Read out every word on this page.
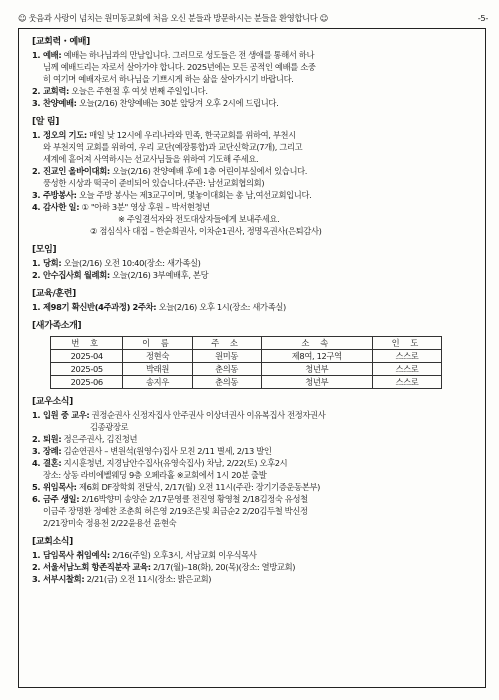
☺ 웃음과 사랑이 넘치는 원미동교회에 처음 오신 분들과 방문하시는 분들을 환영합니다 ☺	-5-
[교회력・예배]
1. 예배: 예배는 하나님과의 만남입니다. 그러므로 성도들은 전 생애를 통해서 하나
님께 예배드리는 자로서 살아가야 합니다. 2025년에는 모든 공적인 예배를 소중
히 여기며 예배자로서 하나님을 기쁘시게 하는 삶을 살아가시기 바랍니다.
2. 교회력: 오늘은 주현절 후 여섯 번째 주일입니다.
3. 찬양예배: 오늘(2/16) 찬양예배는 30분 앞당겨 오후 2시에 드립니다.
[알 림]
1. 정오의 기도: 매일 낮 12시에 우리나라와 민족, 한국교회를 위하여, 부천시
와 부천지역 교회를 위하여, 우리 교단(예장통합)과 교단신학교(7개), 그리고
세계에 흩어져 사역하시는 선교사님들을 위하여 기도해 주세요.
2. 진교인 올바이대회: 오늘(2/16) 찬양예배 후에 1층 어린이부실에서 있습니다.
풍성한 시상과 떡국이 준비되어 있습니다.(주관: 남선교회협의회)
3. 주방봉사: 오늘 주방 봉사는 제3교구이며, 몇놓이대회는 총 남,여선교회입니다.
4. 감사한 일: ① "아하 3분" 영상 후원 – 박서현청년
※ 주일결석자와 전도대상자들에게 보내주세요.
② 점심식사 대접 – 한순희권사, 이차순1권사, 정명옥권사(은퇴감사)
[모임]
1. 당회: 오늘(2/16) 오전 10:40(장소: 새가족실)
2. 안수집사회 월례회: 오늘(2/16) 3부예배후, 본당
[교육/훈련]
1. 제98기 확신반(4주과정) 2주차: 오늘(2/16) 오후 1시(장소: 새가족실)
[새가족소개]
번 호	이 름	주 소	소 속	인 도
2025-04	정현숙	원미동	제8여, 12구역	스스로
2025-05	박래원	춘의동	청년부	스스로
2025-06	송지우	춘의동	청년부	스스로
[교우소식]
1. 입원 중 교우: 권정순권사 신정자집사 안주권사 이상녀권사 이유복집사 전정자권사
김종광장로
2. 퇴원: 정은주권사, 김진청년
3. 장례: 김순연권사 – 변원석(원영수)집사 모친 2/11 별세, 2/13 발인
4. 결혼: 지시훈청년, 지경남안수집사(유영숙집사) 차남, 2/22(토) 오후2시
장소: 상동 라비에벨웨딩 9층 오페라홀 ※교회에서 1시 20분 출발
5. 위임목사: 제6회 DF장학회 전달식, 2/17(월) 오전 11시(주관: 장기기증운동본부)
6. 금주 생일: 2/16박향미 송양순 2/17문영클 전진영 황영철 2/18김정숙 유성철
이금주 장명환 정예찬 조춘희 허은영 2/19조은빛 최금순2 2/20김두철 박신정
2/21장미숙 정용천 2/22윤용선 윤현숙
[교회소식]
1. 담임목사 취임예식: 2/16(주일) 오후3시, 서남교회 이우식목사
2. 서울서남노회 항존직분자 교육: 2/17(월)–18(화), 20(목)(장소: 열방교회)
3. 서부시찰회: 2/21(금) 오전 11시(장소: 밝은교회)
